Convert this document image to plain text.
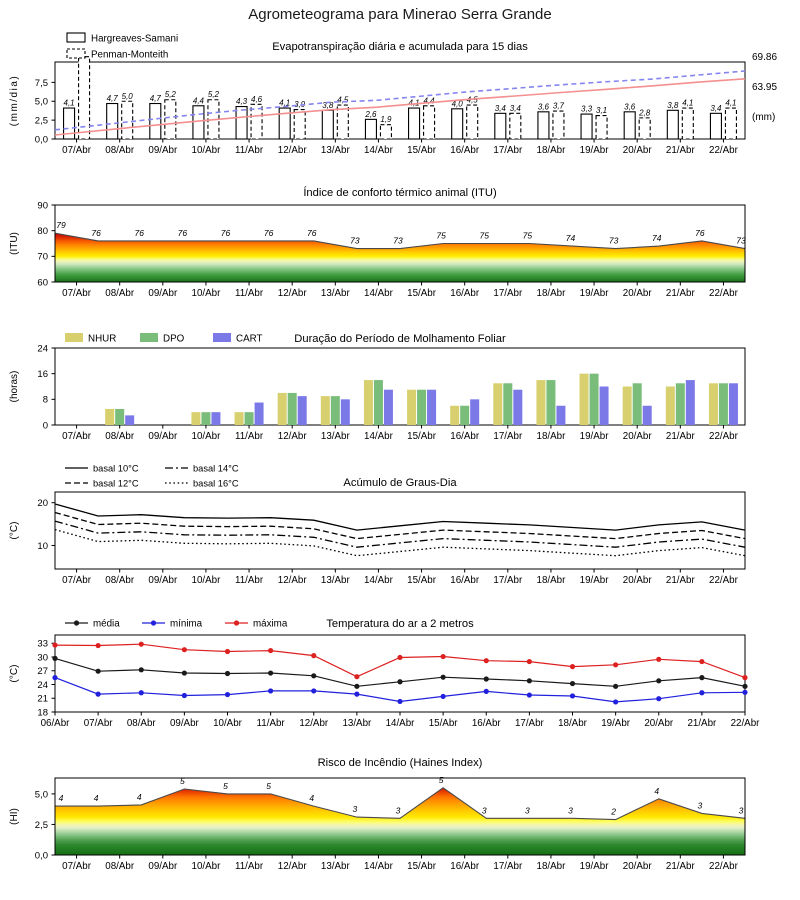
Agrometeograma para Minerao Serra Grande
0,0
2,5
5,0
7,5
07/Abr 08/Abr 09/Abr 10/Abr 11/Abr 12/Abr 13/Abr 14/Abr 15/Abr 16/Abr 17/Abr 18/Abr 19/Abr 20/Abr 21/Abr 22/Abr
(mm/dia)
Evapotranspiração diária e acumulada para 15 dias
4,1
4,7 5,0 4,7 5,2
4,4
5,2
4,3 4,6 4,1 3,9 3,8
4,5
2,6
1,9
4,1 4,4 4,0 4,5
3,4 3,4 3,6 3,7 3,3 3,1 3,6
2,8
3,8 4,1
3,4
4,1
69.86
63.95
(mm)
Hargreaves-Samani
Penman-Monteith
60
70
80
90
07/Abr 08/Abr 09/Abr 10/Abr 11/Abr 12/Abr 13/Abr 14/Abr 15/Abr 16/Abr 17/Abr 18/Abr 19/Abr 20/Abr 21/Abr 22/Abr
(ITU)
Índice de conforto térmico animal (ITU)
79
76	76	76	76	76	76
73	73
75	75	75	74	73	74
76
73
0,0
2,5
5,0
07/Abr 08/Abr 09/Abr 10/Abr 11/Abr 12/Abr 13/Abr 14/Abr 15/Abr 16/Abr 17/Abr 18/Abr 19/Abr 20/Abr 21/Abr 22/Abr
(HI)
Risco de Incêndio (Haines Index)
4	4	4
5	5	5
4
3	3
5
3	3	3	2
4
3	3
0
8
16
24
07/Abr 08/Abr 09/Abr 10/Abr 11/Abr 12/Abr 13/Abr 14/Abr 15/Abr 16/Abr 17/Abr 18/Abr 19/Abr 20/Abr 21/Abr 22/Abr
(horas)
Duração do Período de Molhamento Foliar
NHUR	DPO	CART
10
20
07/Abr 08/Abr 09/Abr 10/Abr 11/Abr 12/Abr 13/Abr 14/Abr 15/Abr 16/Abr 17/Abr 18/Abr 19/Abr 20/Abr 21/Abr 22/Abr
(°C)
Acúmulo de Graus-Dia
basal 10°C
basal 12°C
basal 14°C
basal 16°C
18
21
24
27
30
33
06/Abr 07/Abr 08/Abr 09/Abr 10/Abr 11/Abr 12/Abr 13/Abr 14/Abr 15/Abr 16/Abr 17/Abr 18/Abr 19/Abr 20/Abr 21/Abr 22/Abr
(°C)
Temperatura do ar a 2 metros
média	mínima	máxima
